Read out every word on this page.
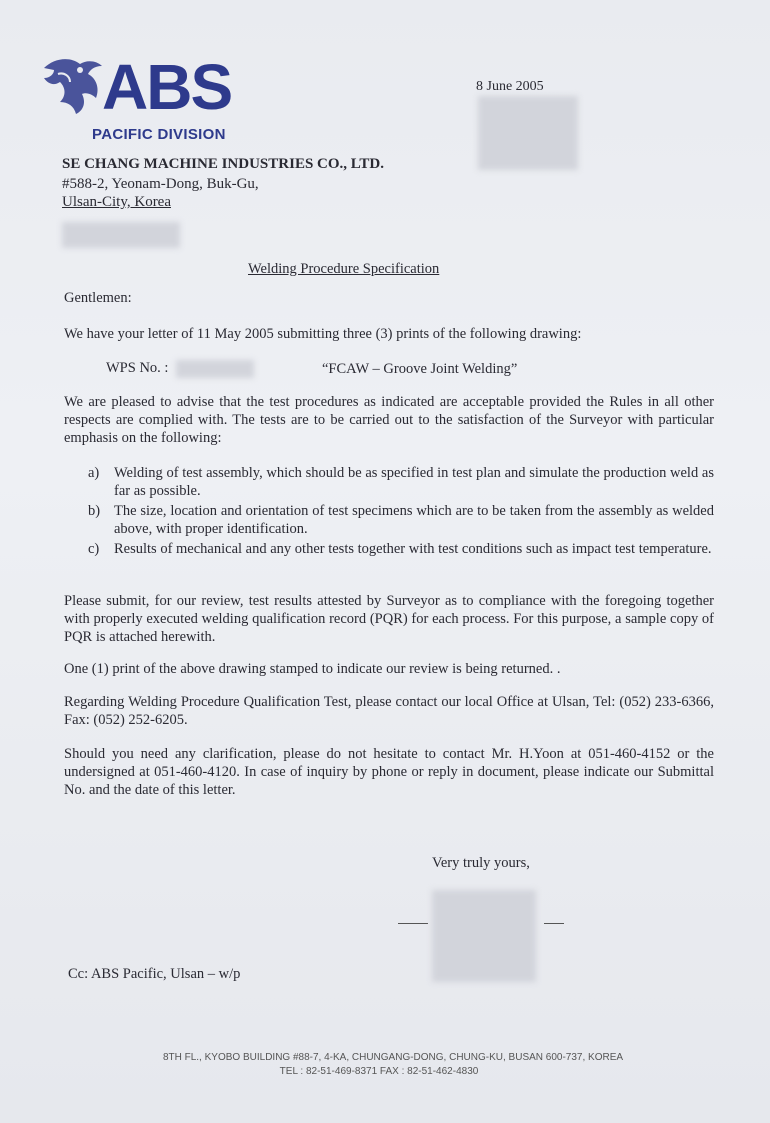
ABS
PACIFIC DIVISION
8 June 2005
SE CHANG MACHINE INDUSTRIES CO., LTD.
#588-2, Yeonam-Dong, Buk-Gu,
Ulsan-City, Korea
Welding Procedure Specification
Gentlemen:
We have your letter of 11 May 2005 submitting three (3) prints of the following drawing:
WPS No. :	“FCAW – Groove Joint Welding”
We are pleased to advise that the test procedures as indicated are acceptable provided the Rules in all other respects are complied with. The tests are to be carried out to the satisfaction of the Surveyor with particular emphasis on the following:
a) Welding of test assembly, which should be as specified in test plan and simulate the production weld as far as possible.
b) The size, location and orientation of test specimens which are to be taken from the assembly as welded above, with proper identification.
c) Results of mechanical and any other tests together with test conditions such as impact test temperature.
Please submit, for our review, test results attested by Surveyor as to compliance with the foregoing together with properly executed welding qualification record (PQR) for each process. For this purpose, a sample copy of PQR is attached herewith.
One (1) print of the above drawing stamped to indicate our review is being returned. .
Regarding Welding Procedure Qualification Test, please contact our local Office at Ulsan, Tel: (052) 233-6366, Fax: (052) 252-6205.
Should you need any clarification, please do not hesitate to contact Mr. H.Yoon at 051-460-4152 or the undersigned at 051-460-4120. In case of inquiry by phone or reply in document, please indicate our Submittal No. and the date of this letter.
Very truly yours,
Cc: ABS Pacific, Ulsan – w/p
8TH FL., KYOBO BUILDING #88-7, 4-KA, CHUNGANG-DONG, CHUNG-KU, BUSAN 600-737, KOREA
TEL : 82-51-469-8371 FAX : 82-51-462-4830
